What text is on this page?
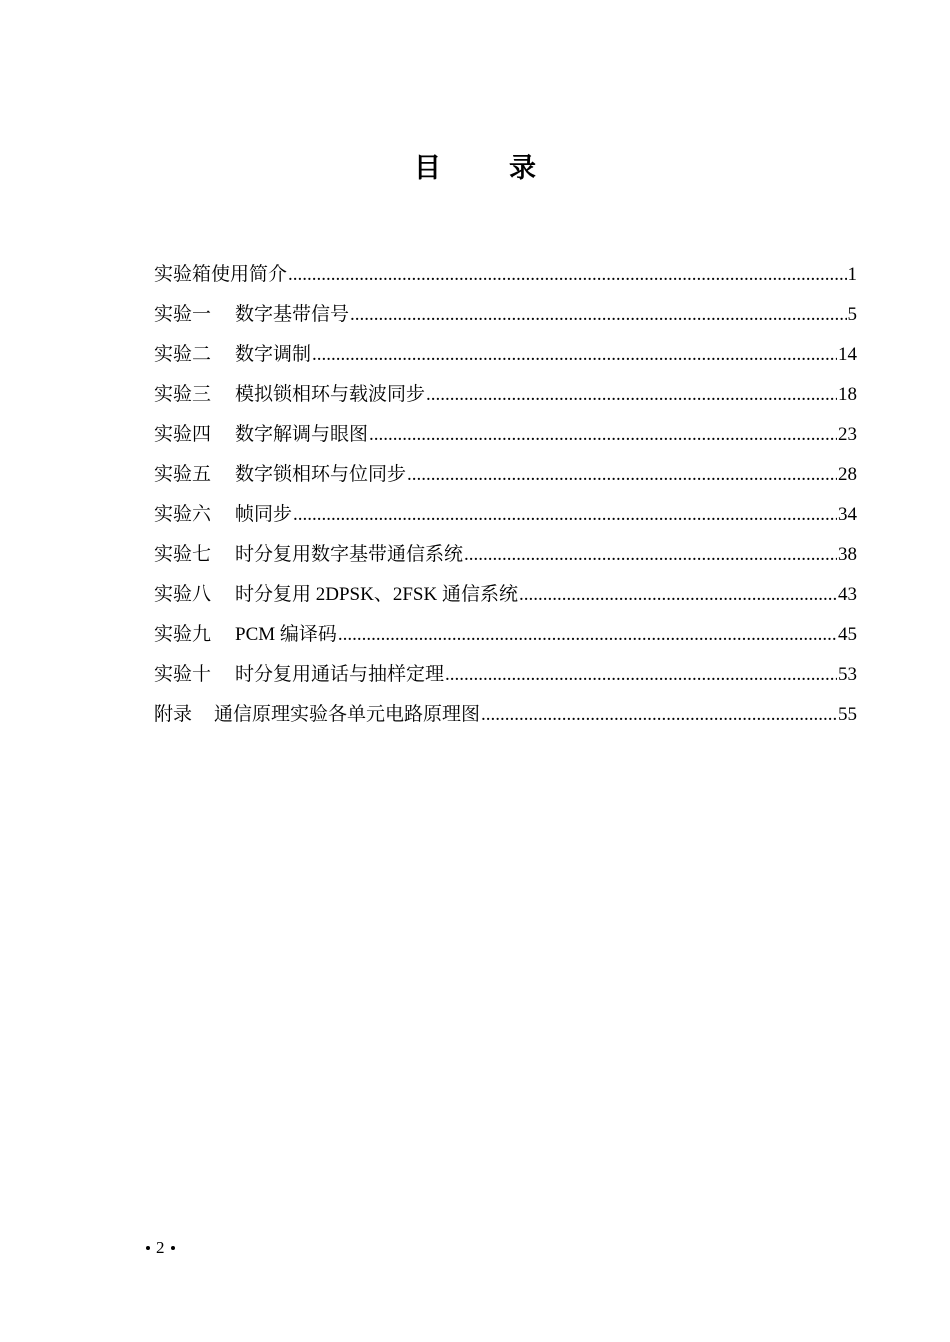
目	录
实验箱使用简介 .....	1
实验一 数字基带信号 .....	5
实验二 数字调制 .....	14
实验三 模拟锁相环与载波同步 .....	18
实验四 数字解调与眼图 .....	23
实验五 数字锁相环与位同步 .....	28
实验六 帧同步 .....	34
实验七 时分复用数字基带通信系统 .....	38
实验八 时分复用 2DPSK、2FSK 通信系统 .....	43
实验九 PCM 编译码 .....	45
实验十 时分复用通话与抽样定理 .....	53
附录 通信原理实验各单元电路原理图 .....	55
2
